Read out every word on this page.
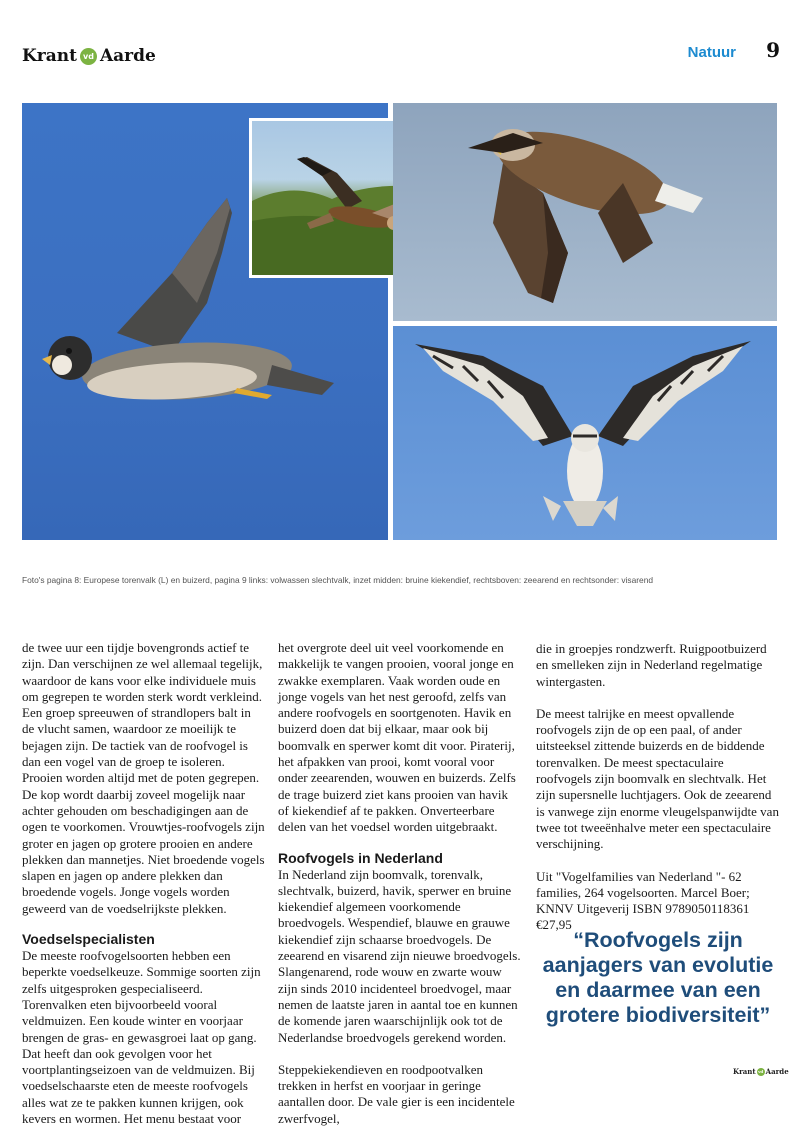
Krant vd Aarde	Natuur 9
Foto's pagina 8: Europese torenvalk (L) en buizerd, pagina 9 links: volwassen slechtvalk, inzet midden: bruine kiekendief, rechtsboven: zeearend en rechtsonder: visarend

de twee uur een tijdje bovengronds actief te zijn. Dan verschijnen ze wel allemaal tegelijk, waardoor de kans voor elke individuele muis om gegrepen te worden sterk wordt verkleind. Een groep spreeuwen of strandlopers balt in de vlucht samen, waardoor ze moeilijk te bejagen zijn. De tactiek van de roofvogel is dan een vogel van de groep te isoleren. Prooien worden altijd met de poten gegrepen. De kop wordt daarbij zoveel mogelijk naar achter gehouden om beschadigingen aan de ogen te voorkomen. Vrouwtjes-roofvogels zijn groter en jagen op grotere prooien en andere plekken dan mannetjes. Niet broedende vogels slapen en jagen op andere plekken dan broedende vogels. Jonge vogels worden geweerd van de voedselrijkste plekken.

Voedselspecialisten

De meeste roofvogelsoorten hebben een beperkte voedselkeuze. Sommige soorten zijn zelfs uitgesproken gespecialiseerd. Torenvalken eten bijvoorbeeld vooral veldmuizen. Een koude winter en voorjaar brengen de gras- en gewasgroei laat op gang. Dat heeft dan ook gevolgen voor het voortplantingseizoen van de veldmuizen. Bij voedselschaarste eten de meeste roofvogels alles wat ze te pakken kunnen krijgen, ook kevers en wormen. Het menu bestaat voor

het overgrote deel uit veel voorkomende en makkelijk te vangen prooien, vooral jonge en zwakke exemplaren. Vaak worden oude en jonge vogels van het nest geroofd, zelfs van andere roofvogels en soortgenoten. Havik en buizerd doen dat bij elkaar, maar ook bij boomvalk en sperwer komt dit voor. Piraterij, het afpakken van prooi, komt vooral voor onder zeearenden, wouwen en buizerds. Zelfs de trage buizerd ziet kans prooien van havik of kiekendief af te pakken. Onverteerbare delen van het voedsel worden uitgebraakt.

Roofvogels in Nederland

In Nederland zijn boomvalk, torenvalk, slechtvalk, buizerd, havik, sperwer en bruine kiekendief algemeen voorkomende broedvogels. Wespendief, blauwe en grauwe kiekendief zijn schaarse broedvogels. De zeearend en visarend zijn nieuwe broedvogels. Slangenarend, rode wouw en zwarte wouw zijn sinds 2010 incidenteel broedvogel, maar nemen de laatste jaren in aantal toe en kunnen de komende jaren waarschijnlijk ook tot de Nederlandse broedvogels gerekend worden.

Steppekiekendieven en roodpootvalken trekken in herfst en voorjaar in geringe aantallen door. De vale gier is een incidentele zwerfvogel,

die in groepjes rondzwerft. Ruigpootbuizerd en smelleken zijn in Nederland regelmatige wintergasten.

De meest talrijke en meest opvallende roofvogels zijn de op een paal, of ander uitsteeksel zittende buizerds en de biddende torenvalken. De meest spectaculaire roofvogels zijn boomvalk en slechtvalk. Het zijn supersnelle luchtjagers. Ook de zeearend is vanwege zijn enorme vleugelspanwijdte van twee tot tweeënhalve meter een spectaculaire verschijning.

Uit "Vogelfamilies van Nederland "- 62 families, 264 vogelsoorten. Marcel Boer; KNNV Uitgeverij ISBN 9789050118361 €27,95

“Roofvogels zijn aanjagers van evolutie en daarmee van een grotere biodiversiteit”
Krant vd Aarde
